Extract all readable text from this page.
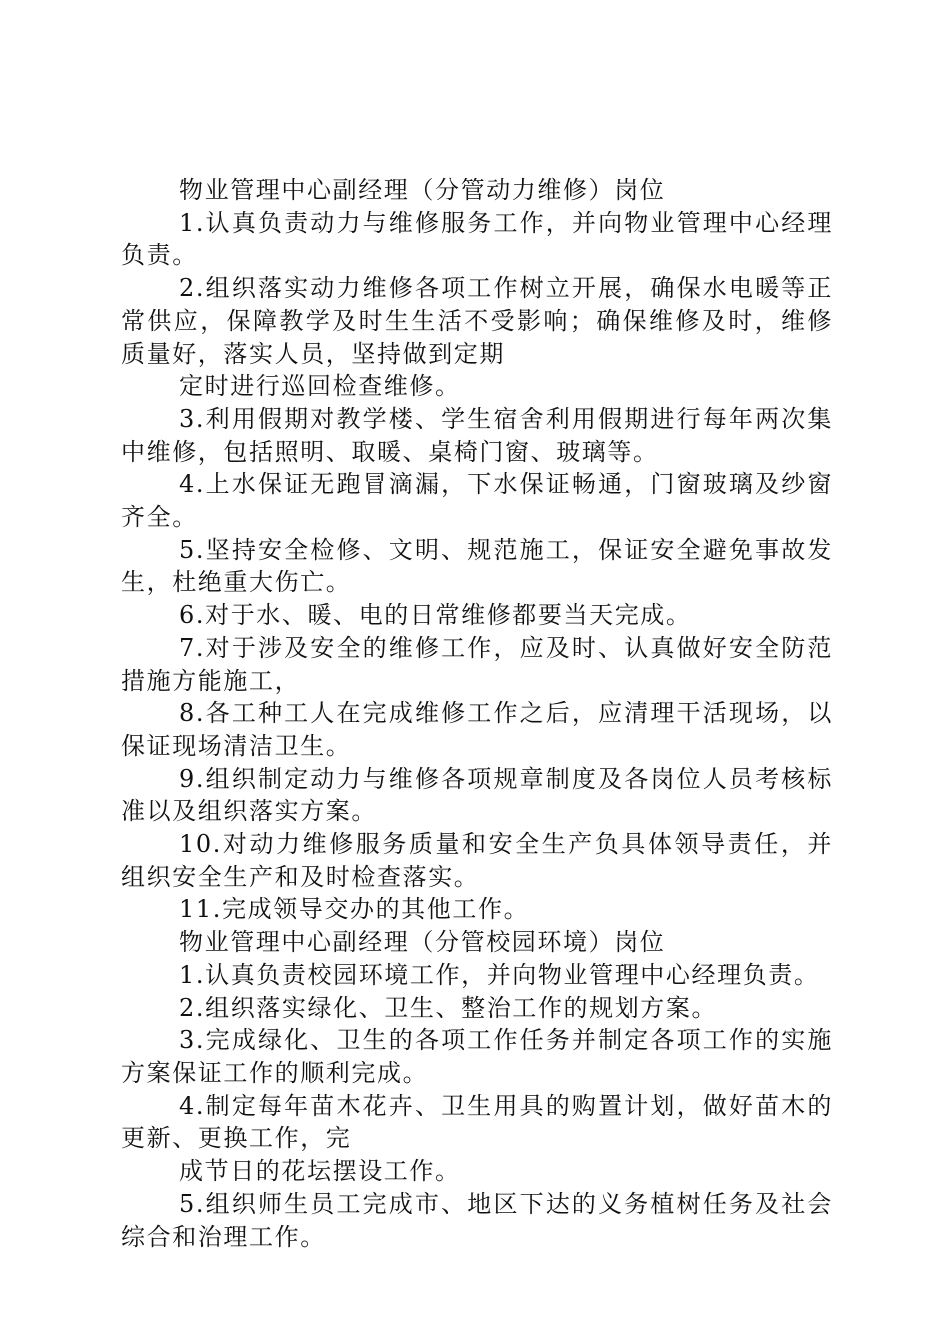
物业管理中心副经理（分管动力维修）岗位

1.认真负责动力与维修服务工作，并向物业管理中心经理负责。

2.组织落实动力维修各项工作树立开展，确保水电暖等正常供应，保障教学及时生生活不受影响；确保维修及时，维修质量好，落实人员，坚持做到定期

定时进行巡回检查维修。

3.利用假期对教学楼、学生宿舍利用假期进行每年两次集中维修，包括照明、取暖、桌椅门窗、玻璃等。

4.上水保证无跑冒滴漏，下水保证畅通，门窗玻璃及纱窗齐全。

5.坚持安全检修、文明、规范施工，保证安全避免事故发生，杜绝重大伤亡。

6.对于水、暖、电的日常维修都要当天完成。

7.对于涉及安全的维修工作，应及时、认真做好安全防范措施方能施工，

8.各工种工人在完成维修工作之后，应清理干活现场，以保证现场清洁卫生。

9.组织制定动力与维修各项规章制度及各岗位人员考核标准以及组织落实方案。

10.对动力维修服务质量和安全生产负具体领导责任，并组织安全生产和及时检查落实。

11.完成领导交办的其他工作。

物业管理中心副经理（分管校园环境）岗位

1.认真负责校园环境工作，并向物业管理中心经理负责。

2.组织落实绿化、卫生、整治工作的规划方案。

3.完成绿化、卫生的各项工作任务并制定各项工作的实施方案保证工作的顺利完成。

4.制定每年苗木花卉、卫生用具的购置计划，做好苗木的更新、更换工作，完

成节日的花坛摆设工作。

5.组织师生员工完成市、地区下达的义务植树任务及社会综合和治理工作。
